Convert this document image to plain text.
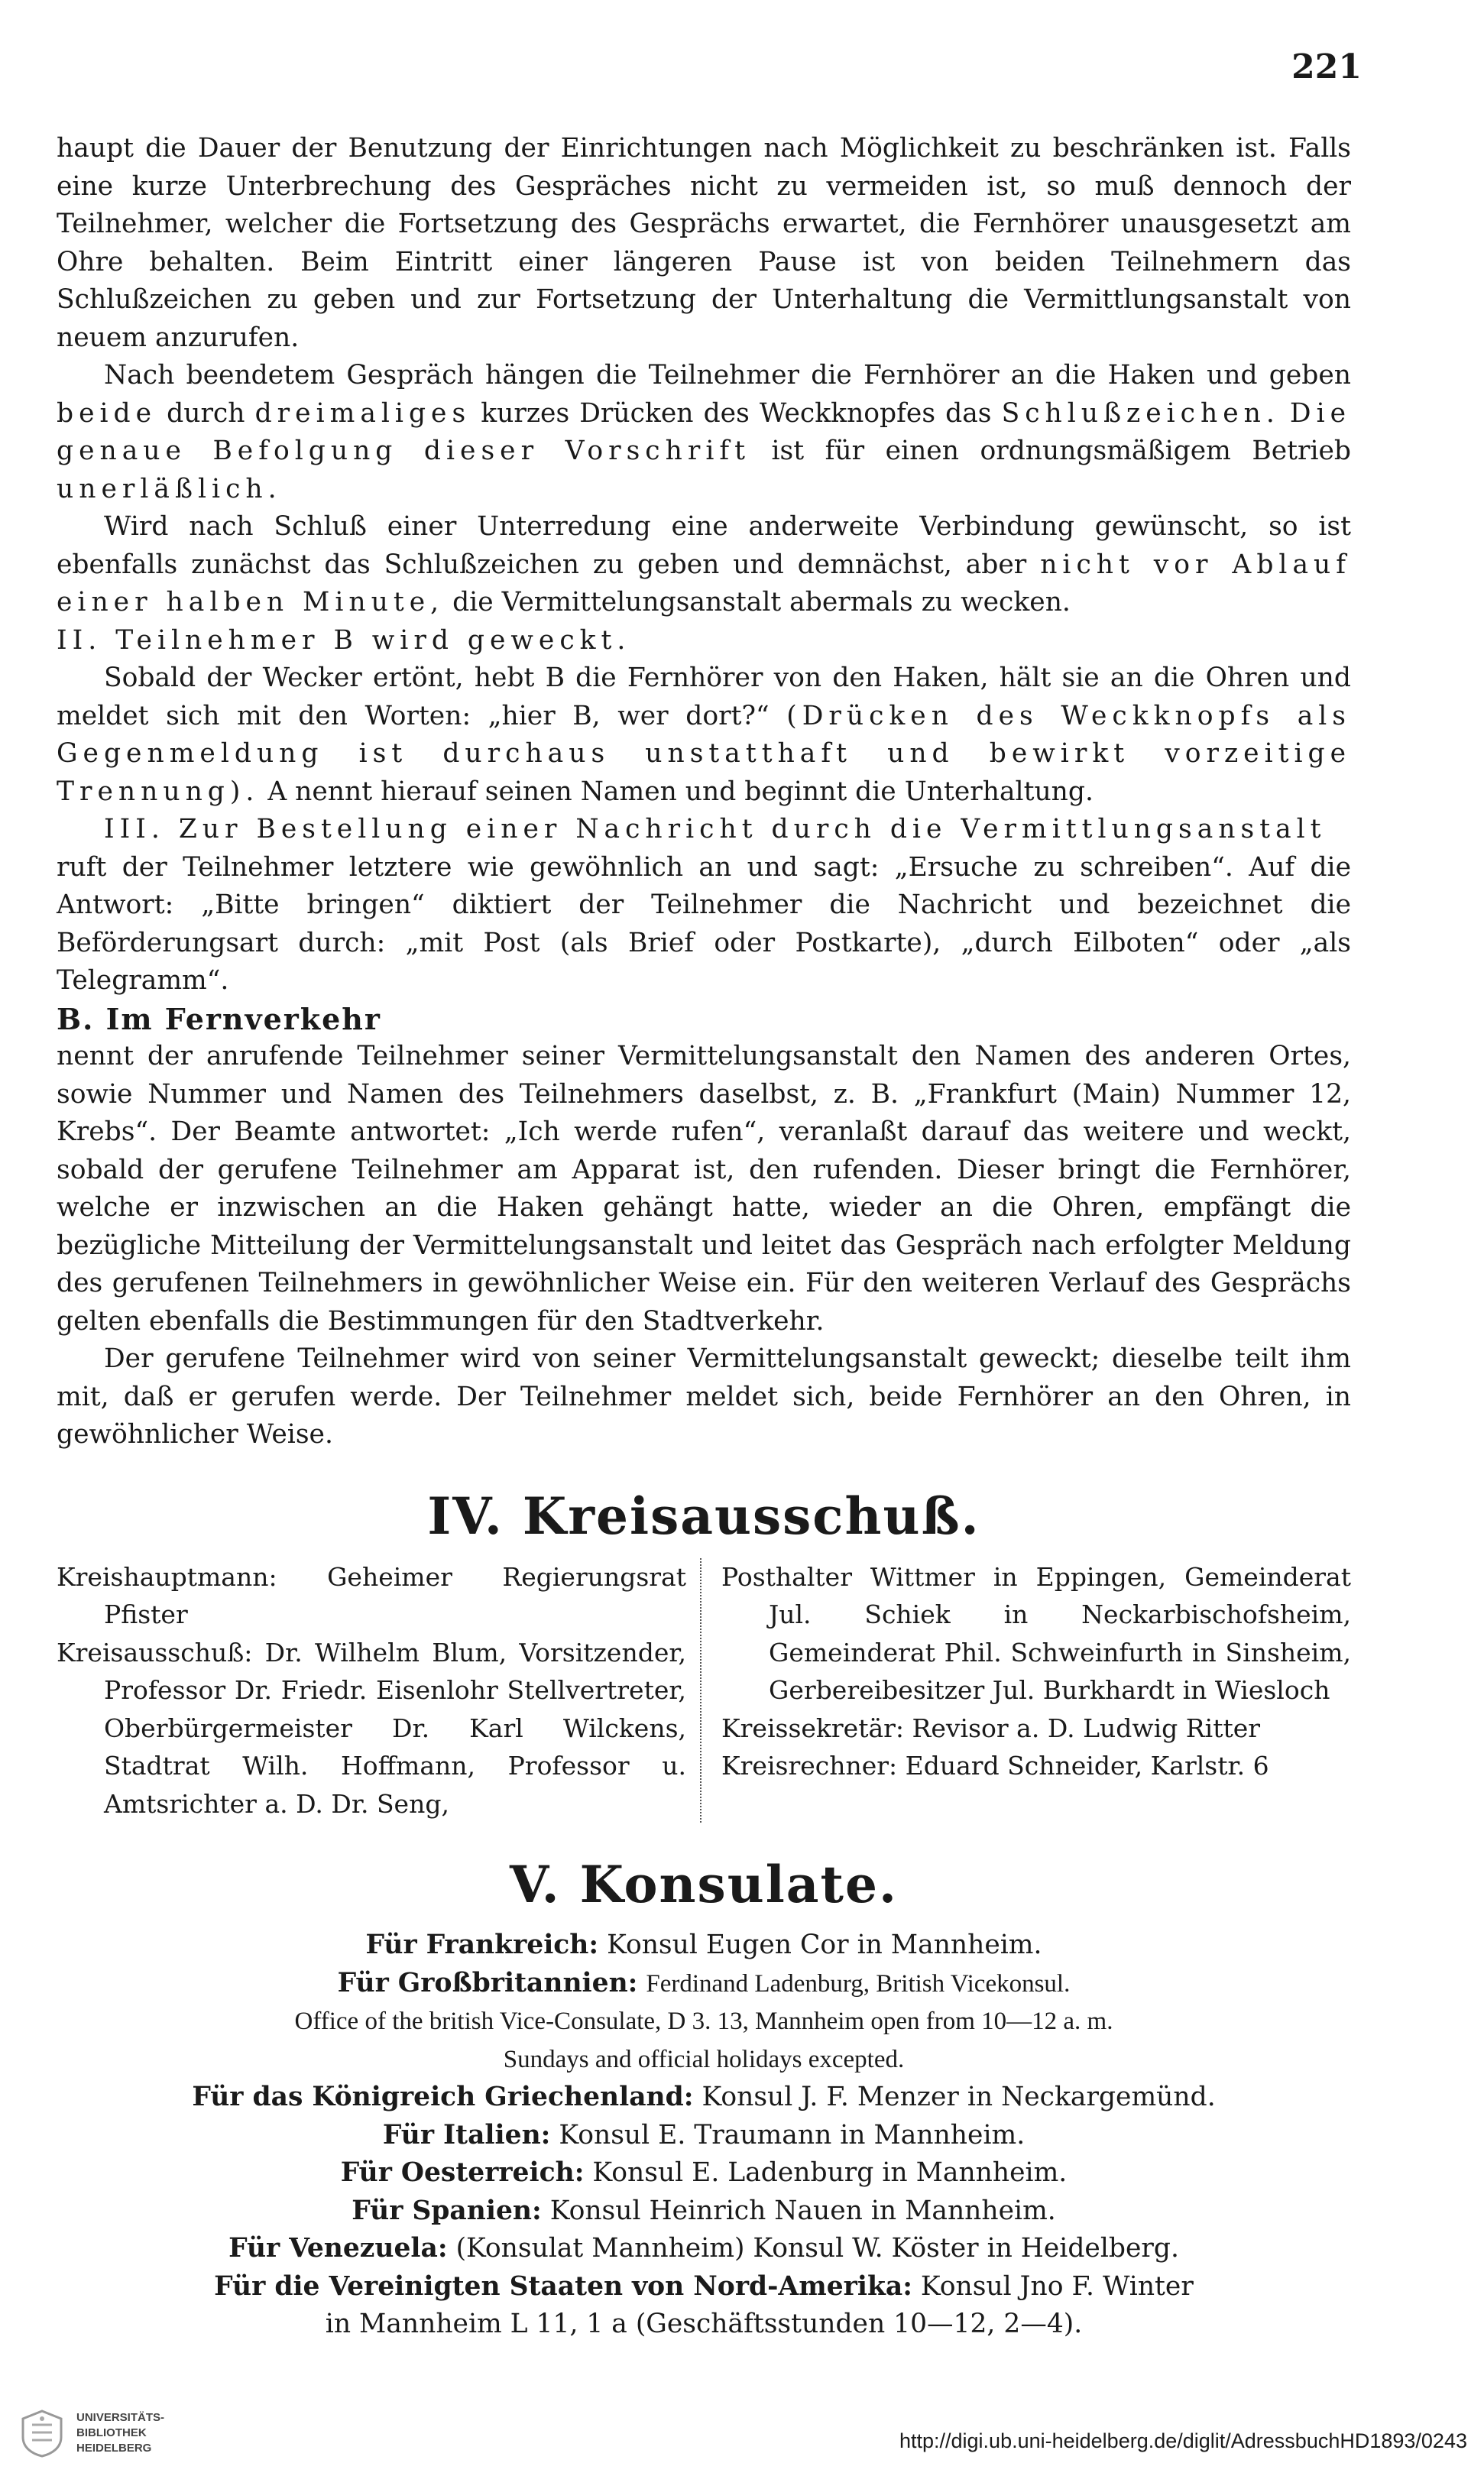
221

haupt die Dauer der Benutzung der Einrichtungen nach Möglichkeit zu beschränken ist. Falls eine kurze Unterbrechung des Gespräches nicht zu vermeiden ist, so muß dennoch der Teilnehmer, welcher die Fortsetzung des Gesprächs erwartet, die Fernhörer unausgesetzt am Ohre behalten. Beim Eintritt einer längeren Pause ist von beiden Teilnehmern das Schlußzeichen zu geben und zur Fortsetzung der Unterhaltung die Vermittlungsanstalt von neuem anzurufen.

Nach beendetem Gespräch hängen die Teilnehmer die Fernhörer an die Haken und geben beide durch dreimaliges kurzes Drücken des Weckknopfes das Schlußzeichen. Die genaue Befolgung dieser Vorschrift ist für einen ordnungsmäßigem Betrieb unerläßlich.

Wird nach Schluß einer Unterredung eine anderweite Verbindung gewünscht, so ist ebenfalls zunächst das Schlußzeichen zu geben und demnächst, aber nicht vor Ablauf einer halben Minute, die Vermittelungsanstalt abermals zu wecken.

II. Teilnehmer B wird geweckt.

Sobald der Wecker ertönt, hebt B die Fernhörer von den Haken, hält sie an die Ohren und meldet sich mit den Worten: „hier B, wer dort?“ (Drücken des Weckknopfs als Gegenmeldung ist durchaus unstatthaft und bewirkt vorzeitige Trennung). A nennt hierauf seinen Namen und beginnt die Unterhaltung.

III. Zur Bestellung einer Nachricht durch die Vermittlungsanstalt

ruft der Teilnehmer letztere wie gewöhnlich an und sagt: „Ersuche zu schreiben“. Auf die Antwort: „Bitte bringen“ diktiert der Teilnehmer die Nachricht und bezeichnet die Beförderungsart durch: „mit Post (als Brief oder Postkarte), „durch Eilboten“ oder „als Telegramm“.

B. Im Fernverkehr

nennt der anrufende Teilnehmer seiner Vermittelungsanstalt den Namen des anderen Ortes, sowie Nummer und Namen des Teilnehmers daselbst, z. B. „Frankfurt (Main) Nummer 12, Krebs“. Der Beamte antwortet: „Ich werde rufen“, veranlaßt darauf das weitere und weckt, sobald der gerufene Teilnehmer am Apparat ist, den rufenden. Dieser bringt die Fernhörer, welche er inzwischen an die Haken gehängt hatte, wieder an die Ohren, empfängt die bezügliche Mitteilung der Vermittelungsanstalt und leitet das Gespräch nach erfolgter Meldung des gerufenen Teilnehmers in gewöhnlicher Weise ein. Für den weiteren Verlauf des Gesprächs gelten ebenfalls die Bestimmungen für den Stadtverkehr.

Der gerufene Teilnehmer wird von seiner Vermittelungsanstalt geweckt; dieselbe teilt ihm mit, daß er gerufen werde. Der Teilnehmer meldet sich, beide Fernhörer an den Ohren, in gewöhnlicher Weise.

IV. Kreisausschuß.

Kreishauptmann: Geheimer Regierungsrat Pfister

Kreisausschuß: Dr. Wilhelm Blum, Vorsitzender, Professor Dr. Friedr. Eisenlohr Stellvertreter, Oberbürgermeister Dr. Karl Wilckens, Stadtrat Wilh. Hoffmann, Professor u. Amtsrichter a. D. Dr. Seng,

Posthalter Wittmer in Eppingen, Gemeinderat Jul. Schiek in Neckarbischofsheim, Gemeinderat Phil. Schweinfurth in Sinsheim, Gerbereibesitzer Jul. Burkhardt in Wiesloch

Kreissekretär: Revisor a. D. Ludwig Ritter

Kreisrechner: Eduard Schneider, Karlstr. 6

V. Konsulate.

Für Frankreich: Konsul Eugen Cor in Mannheim.

Für Großbritannien: Ferdinand Ladenburg, British Vicekonsul.

Office of the british Vice-Consulate, D 3. 13, Mannheim open from 10—12 a. m.

Sundays and official holidays excepted.

Für das Königreich Griechenland: Konsul J. F. Menzer in Neckargemünd.

Für Italien: Konsul E. Traumann in Mannheim.

Für Oesterreich: Konsul E. Ladenburg in Mannheim.

Für Spanien: Konsul Heinrich Nauen in Mannheim.

Für Venezuela: (Konsulat Mannheim) Konsul W. Köster in Heidelberg.

Für die Vereinigten Staaten von Nord-Amerika: Konsul Jno F. Winter

in Mannheim L 11, 1 a (Geschäftsstunden 10—12, 2—4).

UNIVERSITÄTS-
BIBLIOTHEK
HEIDELBERG	http://digi.ub.uni-heidelberg.de/diglit/AdressbuchHD1893/0243
